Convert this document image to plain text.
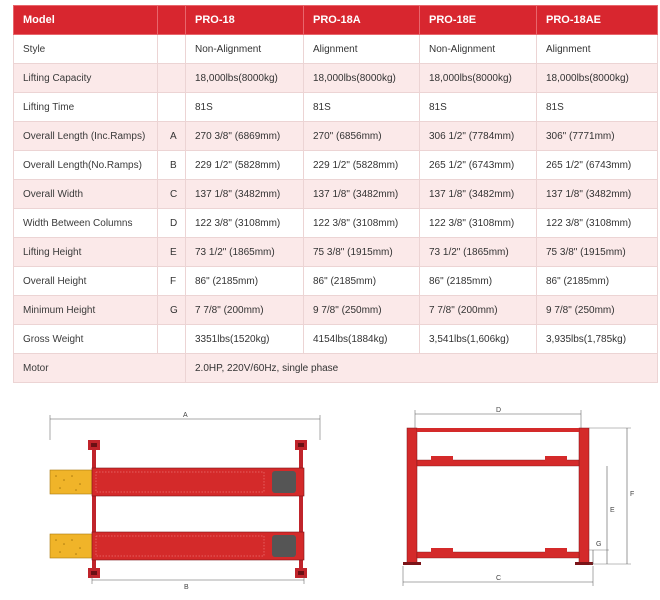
Model		PRO-18	PRO-18A	PRO-18E	PRO-18AE
Style		Non-Alignment	Alignment	Non-Alignment	Alignment
Lifting Capacity		18,000lbs(8000kg)	18,000lbs(8000kg)	18,000lbs(8000kg)	18,000lbs(8000kg)
Lifting Time		81S	81S	81S	81S
Overall Length (Inc.Ramps)	A	270 3/8" (6869mm)	270" (6856mm)	306 1/2" (7784mm)	306" (7771mm)
Overall Length(No.Ramps)	B	229 1/2" (5828mm)	229 1/2" (5828mm)	265 1/2" (6743mm)	265 1/2" (6743mm)
Overall Width	C	137 1/8" (3482mm)	137 1/8" (3482mm)	137 1/8" (3482mm)	137 1/8" (3482mm)
Width Between Columns	D	122 3/8" (3108mm)	122 3/8" (3108mm)	122 3/8" (3108mm)	122 3/8" (3108mm)
Lifting Height	E	73 1/2" (1865mm)	75 3/8" (1915mm)	73 1/2" (1865mm)	75 3/8" (1915mm)
Overall Height	F	86" (2185mm)	86" (2185mm)	86" (2185mm)	86" (2185mm)
Minimum Height	G	7 7/8" (200mm)	9 7/8" (250mm)	7 7/8" (200mm)	9 7/8" (250mm)
Gross Weight		3351lbs(1520kg)	4154lbs(1884kg)	3,541lbs(1,606kg)	3,935lbs(1,785kg)
Motor		2.0HP, 220V/60Hz, single phase			
A
B
D
E
F
G
C
